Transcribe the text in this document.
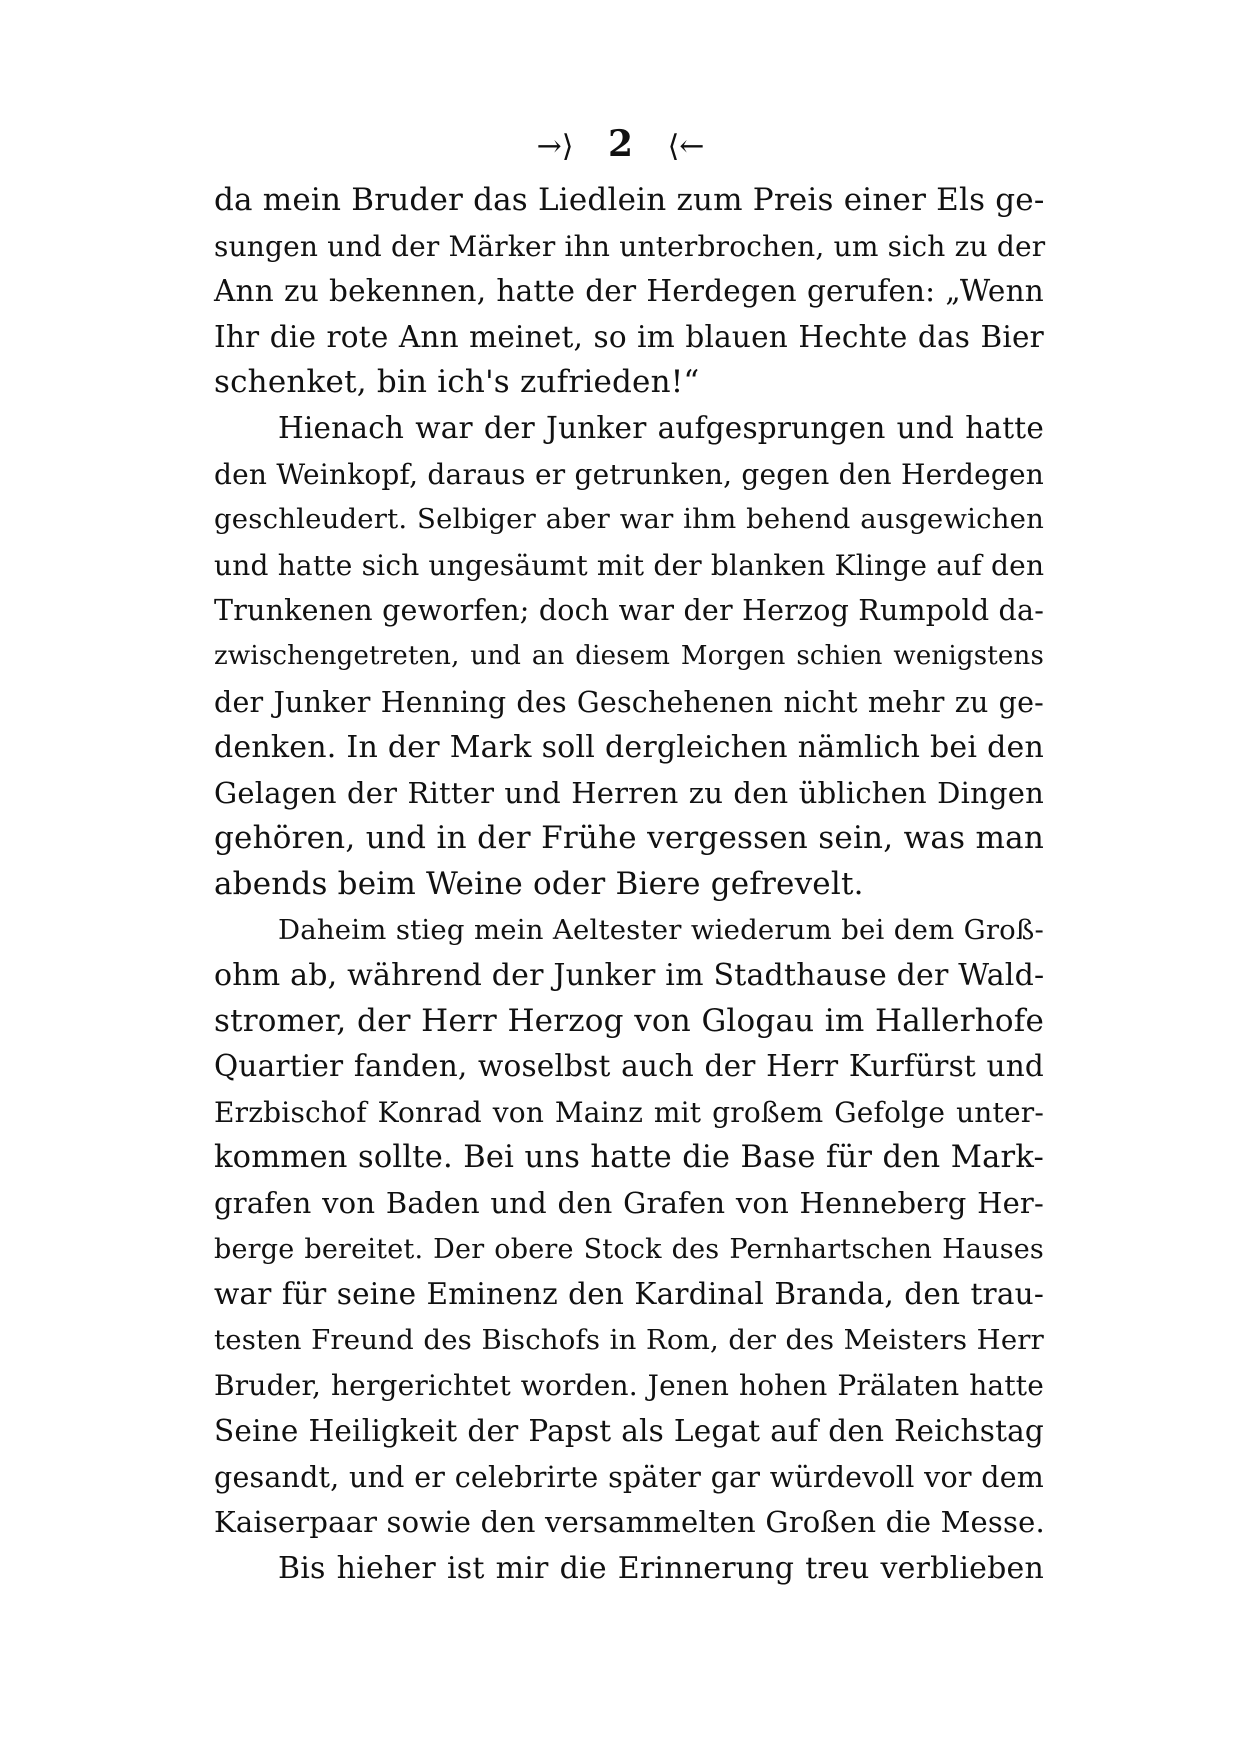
→⟩ 2 ⟨←
da mein Bruder das Liedlein zum Preis einer Els ge-
sungen und der Märker ihn unterbrochen, um sich zu der
Ann zu bekennen, hatte der Herdegen gerufen: „Wenn
Ihr die rote Ann meinet, so im blauen Hechte das Bier
schenket, bin ich's zufrieden!“
Hienach war der Junker aufgesprungen und hatte
den Weinkopf, daraus er getrunken, gegen den Herdegen
geschleudert. Selbiger aber war ihm behend ausgewichen
und hatte sich ungesäumt mit der blanken Klinge auf den
Trunkenen geworfen; doch war der Herzog Rumpold da-
zwischengetreten, und an diesem Morgen schien wenigstens
der Junker Henning des Geschehenen nicht mehr zu ge-
denken. In der Mark soll dergleichen nämlich bei den
Gelagen der Ritter und Herren zu den üblichen Dingen
gehören, und in der Frühe vergessen sein, was man
abends beim Weine oder Biere gefrevelt.
Daheim stieg mein Aeltester wiederum bei dem Groß-
ohm ab, während der Junker im Stadthause der Wald-
stromer, der Herr Herzog von Glogau im Hallerhofe
Quartier fanden, woselbst auch der Herr Kurfürst und
Erzbischof Konrad von Mainz mit großem Gefolge unter-
kommen sollte. Bei uns hatte die Base für den Mark-
grafen von Baden und den Grafen von Henneberg Her-
berge bereitet. Der obere Stock des Pernhartschen Hauses
war für seine Eminenz den Kardinal Branda, den trau-
testen Freund des Bischofs in Rom, der des Meisters Herr
Bruder, hergerichtet worden. Jenen hohen Prälaten hatte
Seine Heiligkeit der Papst als Legat auf den Reichstag
gesandt, und er celebrirte später gar würdevoll vor dem
Kaiserpaar sowie den versammelten Großen die Messe.
Bis hieher ist mir die Erinnerung treu verblieben
